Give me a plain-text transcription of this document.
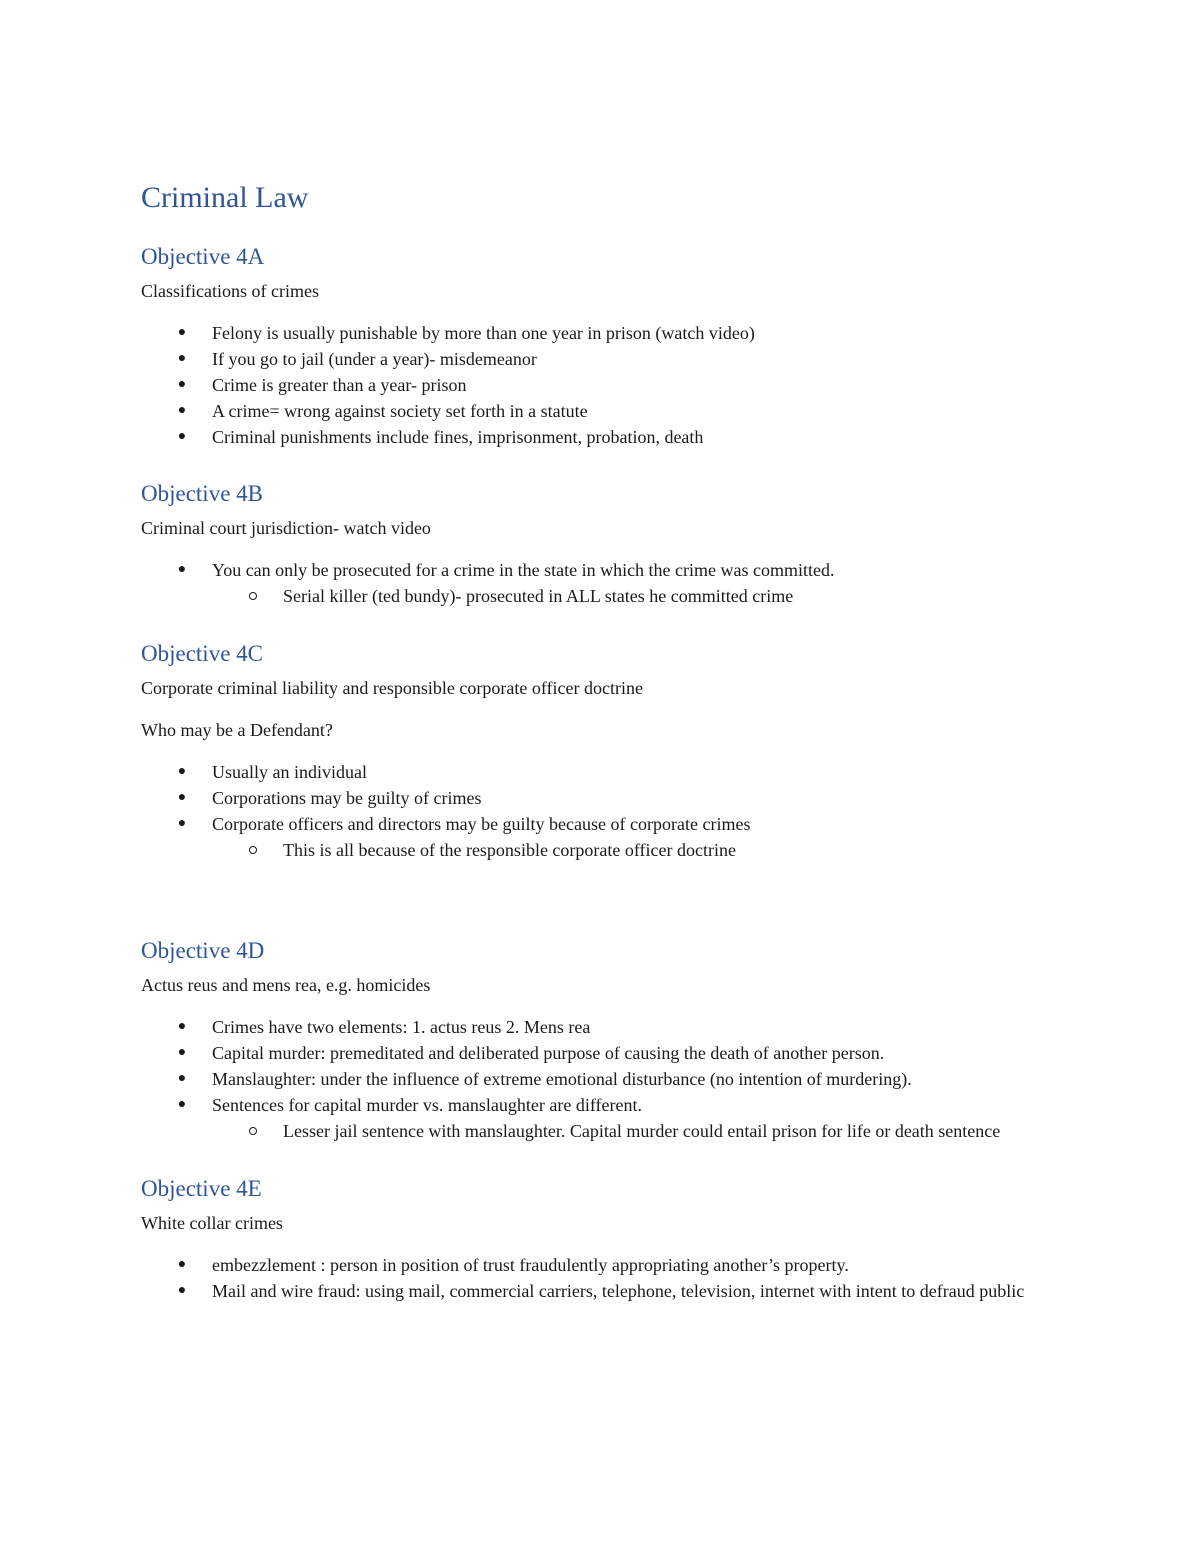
Criminal Law
Objective 4A

Classifications of crimes

● Felony is usually punishable by more than one year in prison (watch video)
● If you go to jail (under a year)- misdemeanor
● Crime is greater than a year- prison
● A crime= wrong against society set forth in a statute
● Criminal punishments include fines, imprisonment, probation, death
Objective 4B

Criminal court jurisdiction- watch video

● You can only be prosecuted for a crime in the state in which the crime was committed.
Serial killer (ted bundy)- prosecuted in ALL states he committed crime
Objective 4C

Corporate criminal liability and responsible corporate officer doctrine

Who may be a Defendant?

● Usually an individual
● Corporations may be guilty of crimes
● Corporate officers and directors may be guilty because of corporate crimes
This is all because of the responsible corporate officer doctrine
Objective 4D

Actus reus and mens rea, e.g. homicides

● Crimes have two elements: 1. actus reus 2. Mens rea
● Capital murder: premeditated and deliberated purpose of causing the death of another person.
● Manslaughter: under the influence of extreme emotional disturbance (no intention of murdering).
● Sentences for capital murder vs. manslaughter are different.
Lesser jail sentence with manslaughter. Capital murder could entail prison for life or death sentence
Objective 4E

White collar crimes

● embezzlement : person in position of trust fraudulently appropriating another’s property.
● Mail and wire fraud: using mail, commercial carriers, telephone, television, internet with intent to defraud public
